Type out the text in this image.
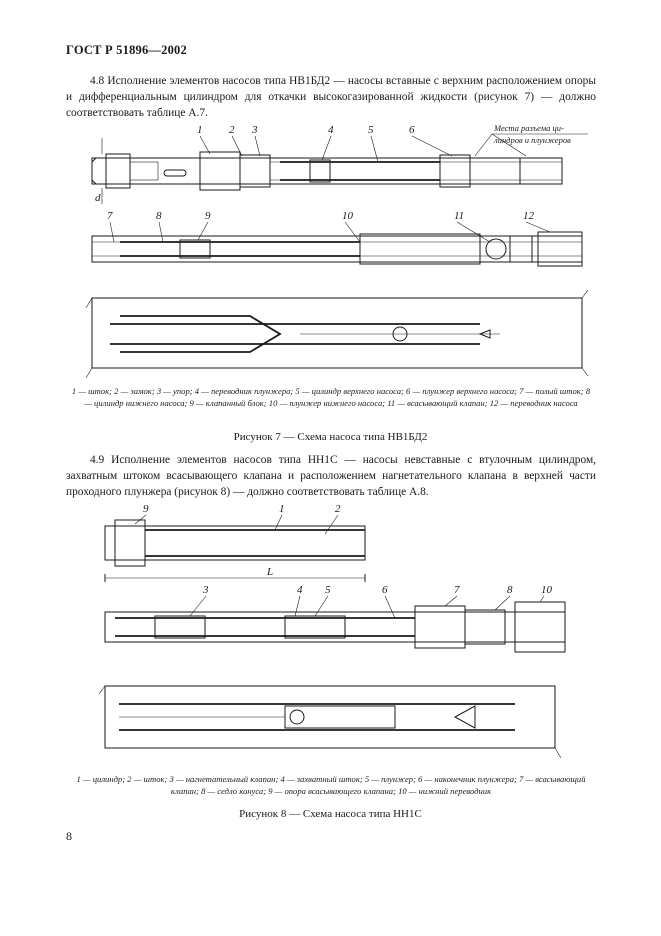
ГОСТ Р 51896—2002
4.8 Исполнение элементов насосов типа НВ1БД2 — насосы вставные с верхним расположением опоры и дифференциальным цилиндром для откачки высокогазированной жидкости (рисунок 7) — должно соответствовать таблице А.7.
d
1 2 3	4	5	6	Места разъема ци-
линдров и плунжеров
7	8	9	10	11	12
1 — шток; 2 — замок; 3 — упор; 4 — переводник плунжера; 5 — цилиндр верхнего насоса; 6 — плунжер верхнего насоса; 7 — полый шток; 8 — цилиндр нижнего насоса; 9 — клапанный блок; 10 — плунжер нижнего насоса; 11 — всасывающий клапан; 12 — переводник насоса
Рисунок 7 — Схема насоса типа НВ1БД2
4.9 Исполнение элементов насосов типа НН1С — насосы невставные с втулочным цилиндром, захватным штоком всасывающего клапана и расположением нагнетательного клапана в верхней части проходного плунжера (рисунок 8) — должно соответствовать таблице А.8.
9	1	2
L
3	4 5	6	7	8	10
1 — цилиндр; 2 — шток; 3 — нагнетательный клапан; 4 — захватный шток; 5 — плунжер; 6 — наконечник плунжера; 7 — всасывающий клапан; 8 — седло конуса; 9 — опора всасывающего клапана; 10 — нижний переводник
Рисунок 8 — Схема насоса типа НН1С
8
